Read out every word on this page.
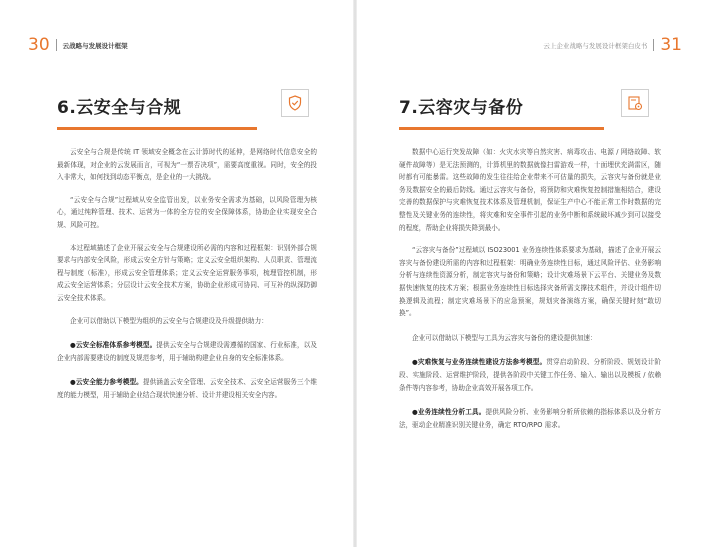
30 云战略与发展设计框架
6.云安全与合规

云安全与合规是传统 IT 领域安全概念在云计算时代的延伸，是网络时代信息安全的最新体现，对企业的云发展而言，可视为“一票否决项”，需要高度重视。同时，安全的投入非常大，如何找到动态平衡点，是企业的一大挑战。

“云安全与合规”过程域从安全监管出发，以业务安全需求为基础，以风险管理为核心，通过纯粹管理、技术、运营为一体的全方位的安全保障体系，协助企业实现安全合规、风险可控。

本过程域描述了企业开展云安全与合规建设所必需的内容和过程框架：识别外部合规要求与内部安全风险，形成云安全方针与策略；定义云安全组织架构、人员职责、管理流程与制度（标准），形成云安全管理体系；定义云安全运营服务事项，梳理管控机制，形成云安全运营体系；分层设计云安全技术方案，协助企业形成可协同、可互补的纵深防御云安全技术体系。

企业可以借助以下模型为组织的云安全与合规建设及升级提供助力：

●云安全标准体系参考模型。提供云安全与合规建设需遵循的国家、行业标准，以及企业内部需要建设的制度及规范参考，用于辅助构建企业自身的安全标准体系。

●云安全能力参考模型。提供涵盖云安全管理、云安全技术、云安全运营服务三个维度的能力模型，用于辅助企业结合现状快速分析、设计并建设相关安全内容。

云上企业战略与发展设计框架白皮书 31
7.云容灾与备份

数据中心运行突发故障（如：火灾水灾等自然灾害、病毒攻击、电源 / 网络故障、软硬件故障等）是无法预测的，计算机里的数据就像扫雷游戏一样，十面埋伏充满雷区，随时都有可能暴雷。这些故障的发生往往给企业带来不可估量的损失，云容灾与备份就是业务及数据安全的最后防线。通过云容灾与备份，将预防和灾难恢复控制措施相结合，建设完善的数据保护与灾难恢复技术体系及管理机制，保证生产中心不能正常工作时数据的完整性及关键业务的连续性，将灾难和安全事件引起的业务中断和系统破坏减少到可以接受的程度，帮助企业将损失降到最小。

“云容灾与备份”过程域以 ISO23001 业务连续性体系要求为基础，描述了企业开展云容灾与备份建设所需的内容和过程框架：明确业务连续性目标，通过风险评估、业务影响分析与连续性资源分析，制定容灾与备份和策略；设计灾难场景下云平台、关键业务及数据快速恢复的技术方案；根据业务连续性目标选择灾备所需支撑技术组件，并设计组件切换逻辑及流程；制定灾难场景下的应急预案，规划灾备演练方案，确保关键时刻“敢切换”。

企业可以借助以下模型与工具为云容灾与备份的建设提供加速：

●灾难恢复与业务连续性建设方法参考模型。贯穿启动阶段、分析阶段、规划设计阶段、实施阶段、运营维护阶段，提供各阶段中关键工作任务、输入、输出以及模板 / 依赖条件等内容参考，协助企业高效开展各项工作。

●业务连续性分析工具。提供风险分析、业务影响分析所依赖的指标体系以及分析方法，驱动企业精准识别关键业务，确定 RTO/RPO 需求。
